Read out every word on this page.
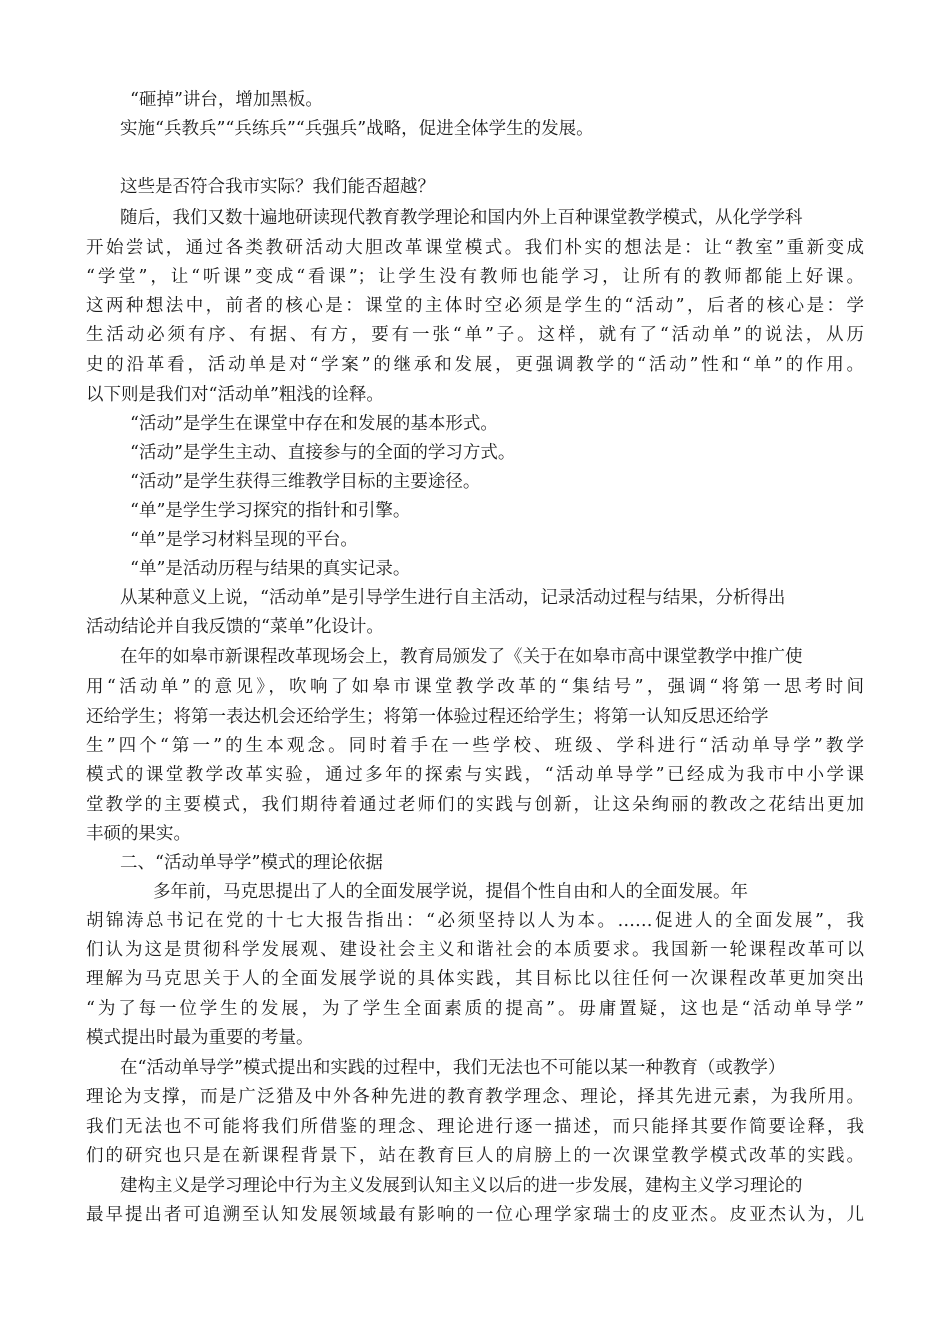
“砸掉”讲台，增加黑板。
实施“兵教兵”“兵练兵”“兵强兵”战略，促进全体学生的发展。
这些是否符合我市实际？我们能否超越？
随后，我们又数十遍地研读现代教育教学理论和国内外上百种课堂教学模式，从化学学科
开始尝试，通过各类教研活动大胆改革课堂模式。我们朴实的想法是：让“教室”重新变成
“学堂”，让“听课”变成“看课”；让学生没有教师也能学习，让所有的教师都能上好课。
这两种想法中，前者的核心是：课堂的主体时空必须是学生的“活动”，后者的核心是：学
生活动必须有序、有据、有方，要有一张“单”子。这样，就有了“活动单”的说法，从历
史的沿革看，活动单是对“学案”的继承和发展，更强调教学的“活动”性和“单”的作用。
以下则是我们对“活动单”粗浅的诠释。
“活动”是学生在课堂中存在和发展的基本形式。
“活动”是学生主动、直接参与的全面的学习方式。
“活动”是学生获得三维教学目标的主要途径。
“单”是学生学习探究的指针和引擎。
“单”是学习材料呈现的平台。
“单”是活动历程与结果的真实记录。
从某种意义上说，“活动单”是引导学生进行自主活动，记录活动过程与结果，分析得出
活动结论并自我反馈的“菜单”化设计。
在年的如皋市新课程改革现场会上，教育局颁发了《关于在如皋市高中课堂教学中推广使
用“活动单”的意见》，吹响了如皋市课堂教学改革的“集结号”，强调“将第一思考时间
还给学生；将第一表达机会还给学生；将第一体验过程还给学生；将第一认知反思还给学
生”四个“第一”的生本观念。同时着手在一些学校、班级、学科进行“活动单导学”教学
模式的课堂教学改革实验，通过多年的探索与实践，“活动单导学”已经成为我市中小学课
堂教学的主要模式，我们期待着通过老师们的实践与创新，让这朵绚丽的教改之花结出更加
丰硕的果实。
二、“活动单导学”模式的理论依据
多年前，马克思提出了人的全面发展学说，提倡个性自由和人的全面发展。年
胡锦涛总书记在党的十七大报告指出：“必须坚持以人为本。……促进人的全面发展”，我
们认为这是贯彻科学发展观、建设社会主义和谐社会的本质要求。我国新一轮课程改革可以
理解为马克思关于人的全面发展学说的具体实践，其目标比以往任何一次课程改革更加突出
“为了每一位学生的发展，为了学生全面素质的提高”。毋庸置疑，这也是“活动单导学”
模式提出时最为重要的考量。
在“活动单导学”模式提出和实践的过程中，我们无法也不可能以某一种教育（或教学）
理论为支撑，而是广泛猎及中外各种先进的教育教学理念、理论，择其先进元素，为我所用。
我们无法也不可能将我们所借鉴的理念、理论进行逐一描述，而只能择其要作简要诠释，我
们的研究也只是在新课程背景下，站在教育巨人的肩膀上的一次课堂教学模式改革的实践。
建构主义是学习理论中行为主义发展到认知主义以后的进一步发展，建构主义学习理论的
最早提出者可追溯至认知发展领域最有影响的一位心理学家瑞士的皮亚杰。皮亚杰认为，儿
